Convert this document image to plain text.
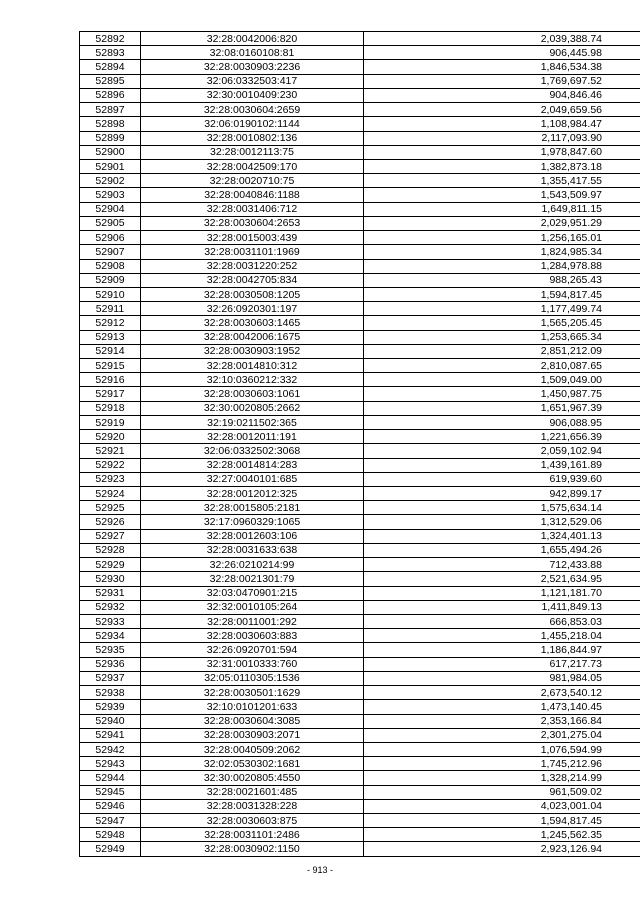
52892	32:28:0042006:820	2,039,388.74
52893	32:08:0160108:81	906,445.98
52894	32:28:0030903:2236	1,846,534.38
52895	32:06:0332503:417	1,769,697.52
52896	32:30:0010409:230	904,846.46
52897	32:28:0030604:2659	2,049,659.56
52898	32:06:0190102:1144	1,108,984.47
52899	32:28:0010802:136	2,117,093.90
52900	32:28:0012113:75	1,978,847.60
52901	32:28:0042509:170	1,382,873.18
52902	32:28:0020710:75	1,355,417.55
52903	32:28:0040846:1188	1,543,509.97
52904	32:28:0031406:712	1,649,811.15
52905	32:28:0030604:2653	2,029,951.29
52906	32:28:0015003:439	1,256,165.01
52907	32:28:0031101:1969	1,824,985.34
52908	32:28:0031220:252	1,284,978.88
52909	32:28:0042705:834	988,265.43
52910	32:28:0030508:1205	1,594,817.45
52911	32:26:0920301:197	1,177,499.74
52912	32:28:0030603:1465	1,565,205.45
52913	32:28:0042006:1675	1,253,665.34
52914	32:28:0030903:1952	2,851,212.09
52915	32:28:0014810:312	2,810,087.65
52916	32:10:0360212:332	1,509,049.00
52917	32:28:0030603:1061	1,450,987.75
52918	32:30:0020805:2662	1,651,967.39
52919	32:19:0211502:365	906,088.95
52920	32:28:0012011:191	1,221,656.39
52921	32:06:0332502:3068	2,059,102.94
52922	32:28:0014814:283	1,439,161.89
52923	32:27:0040101:685	619,939.60
52924	32:28:0012012:325	942,899.17
52925	32:28:0015805:2181	1,575,634.14
52926	32:17:0960329:1065	1,312,529.06
52927	32:28:0012603:106	1,324,401.13
52928	32:28:0031633:638	1,655,494.26
52929	32:26:0210214:99	712,433.88
52930	32:28:0021301:79	2,521,634.95
52931	32:03:0470901:215	1,121,181.70
52932	32:32:0010105:264	1,411,849.13
52933	32:28:0011001:292	666,853.03
52934	32:28:0030603:883	1,455,218.04
52935	32:26:0920701:594	1,186,844.97
52936	32:31:0010333:760	617,217.73
52937	32:05:0110305:1536	981,984.05
52938	32:28:0030501:1629	2,673,540.12
52939	32:10:0101201:633	1,473,140.45
52940	32:28:0030604:3085	2,353,166.84
52941	32:28:0030903:2071	2,301,275.04
52942	32:28:0040509:2062	1,076,594.99
52943	32:02:0530302:1681	1,745,212.96
52944	32:30:0020805:4550	1,328,214.99
52945	32:28:0021601:485	961,509.02
52946	32:28:0031328:228	4,023,001.04
52947	32:28:0030603:875	1,594,817.45
52948	32:28:0031101:2486	1,245,562.35
52949	32:28:0030902:1150	2,923,126.94
- 913 -
